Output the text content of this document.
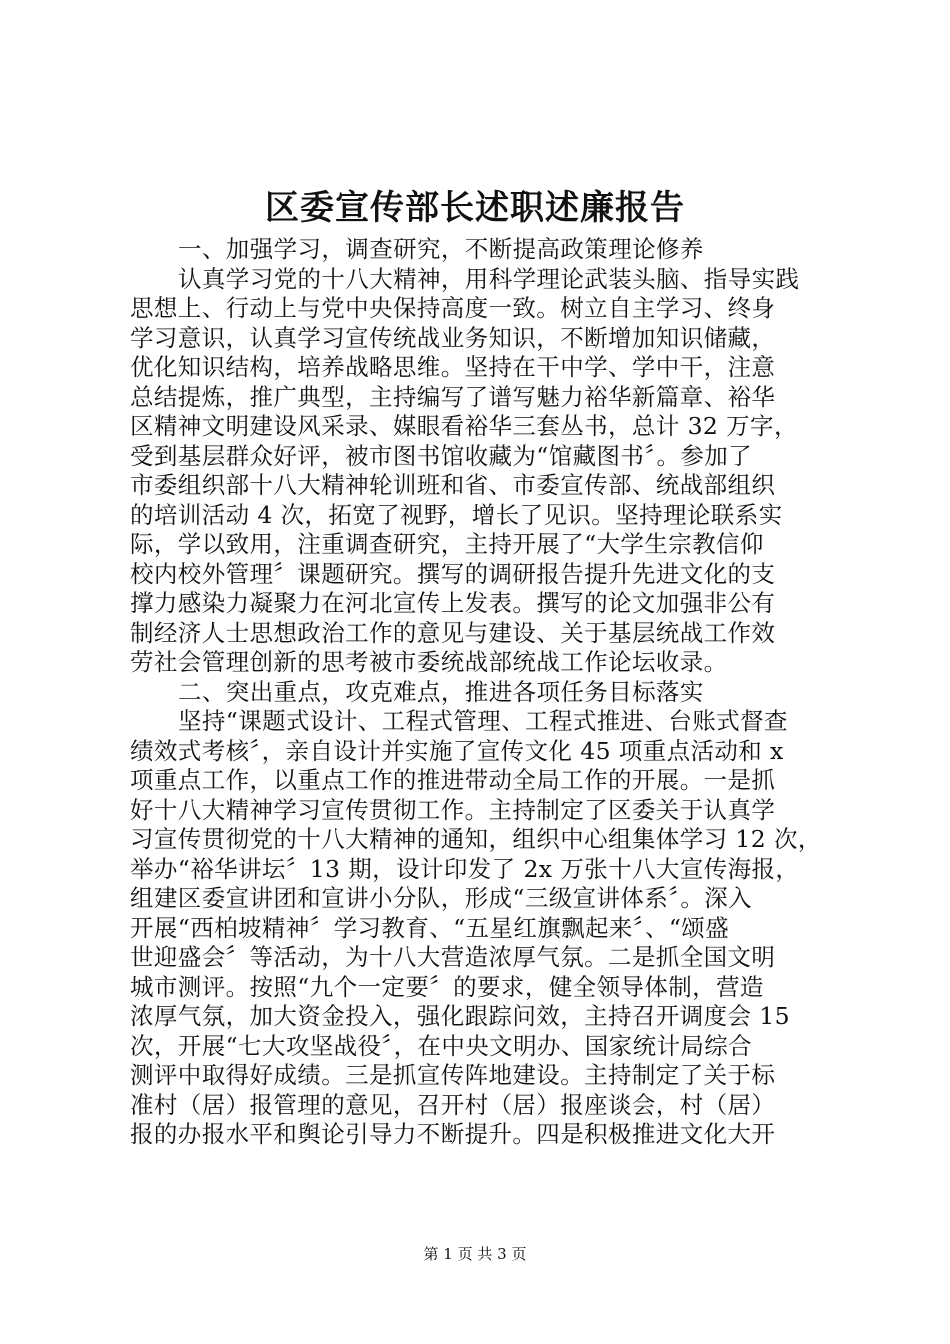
区委宣传部长述职述廉报告
一、加强学习，调查研究，不断提高政策理论修养
认真学习党的十八大精神，用科学理论武装头脑、指导实践
思想上、行动上与党中央保持高度一致。树立自主学习、终身
学习意识，认真学习宣传统战业务知识，不断增加知识储藏，
优化知识结构，培养战略思维。坚持在干中学、学中干，注意
总结提炼，推广典型，主持编写了谱写魅力裕华新篇章、裕华
区精神文明建设风采录、媒眼看裕华三套丛书，总计 32 万字，
受到基层群众好评，被市图书馆收藏为“馆藏图书〞。参加了
市委组织部十八大精神轮训班和省、市委宣传部、统战部组织
的培训活动 4 次，拓宽了视野，增长了见识。坚持理论联系实
际，学以致用，注重调查研究，主持开展了“大学生宗教信仰
校内校外管理〞课题研究。撰写的调研报告提升先进文化的支
撑力感染力凝聚力在河北宣传上发表。撰写的论文加强非公有
制经济人士思想政治工作的意见与建设、关于基层统战工作效
劳社会管理创新的思考被市委统战部统战工作论坛收录。
二、突出重点，攻克难点，推进各项任务目标落实
坚持“课题式设计、工程式管理、工程式推进、台账式督查
绩效式考核〞，亲自设计并实施了宣传文化 45 项重点活动和 x
项重点工作，以重点工作的推进带动全局工作的开展。一是抓
好十八大精神学习宣传贯彻工作。主持制定了区委关于认真学
习宣传贯彻党的十八大精神的通知，组织中心组集体学习 12 次，
举办“裕华讲坛〞13 期，设计印发了 2x 万张十八大宣传海报，
组建区委宣讲团和宣讲小分队，形成“三级宣讲体系〞。深入
开展“西柏坡精神〞学习教育、“五星红旗飘起来〞、“颂盛
世迎盛会〞等活动，为十八大营造浓厚气氛。二是抓全国文明
城市测评。按照“九个一定要〞的要求，健全领导体制，营造
浓厚气氛，加大资金投入，强化跟踪问效，主持召开调度会 15
次，开展“七大攻坚战役〞，在中央文明办、国家统计局综合
测评中取得好成绩。三是抓宣传阵地建设。主持制定了关于标
准村（居）报管理的意见，召开村（居）报座谈会，村（居）
报的办报水平和舆论引导力不断提升。四是积极推进文化大开
第 1 页 共 3 页
